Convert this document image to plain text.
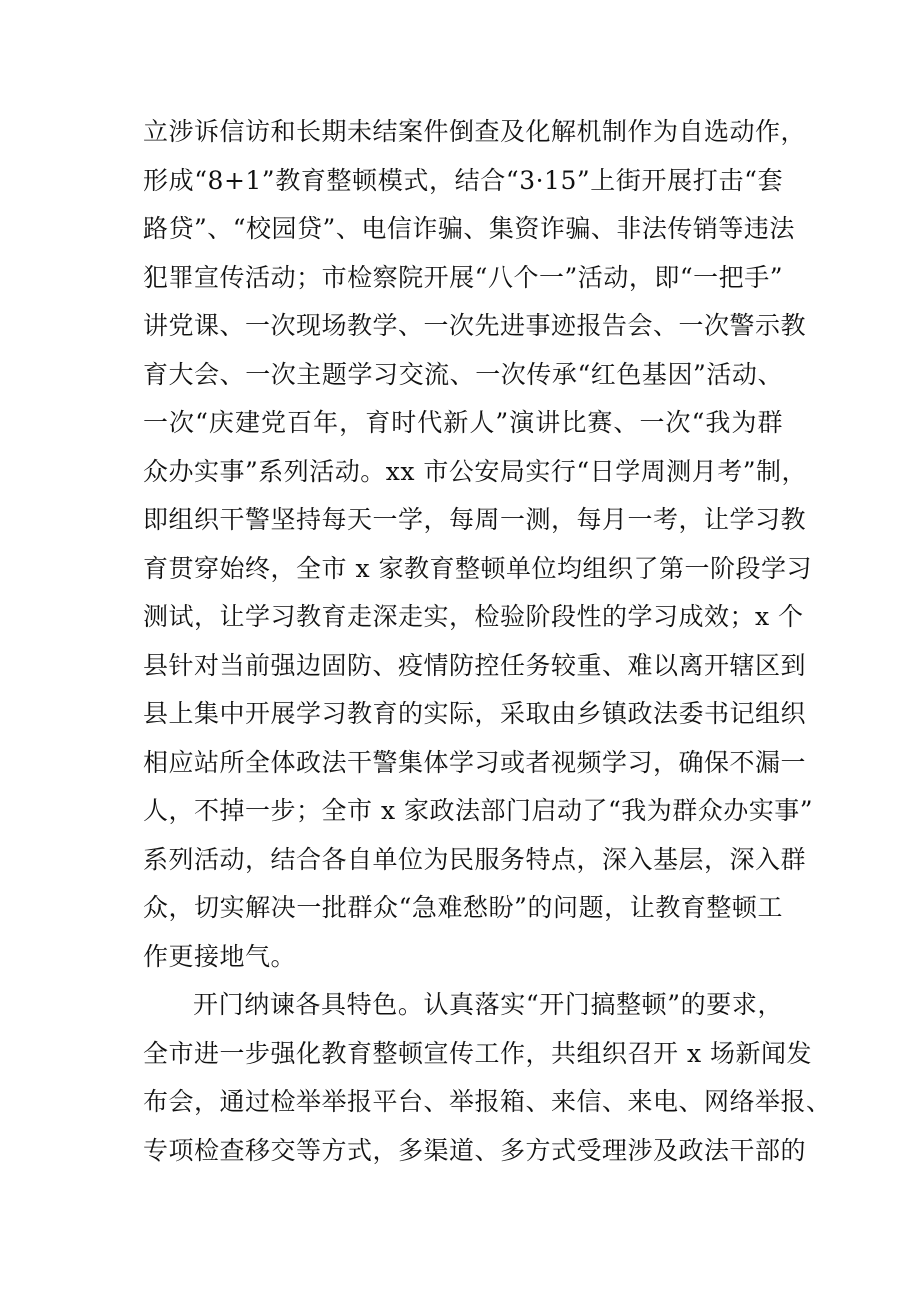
立涉诉信访和长期未结案件倒查及化解机制作为自选动作，
形成“8+1”教育整顿模式，结合“3·15”上街开展打击“套
路贷”、“校园贷”、电信诈骗、集资诈骗、非法传销等违法
犯罪宣传活动；市检察院开展“八个一”活动，即“一把手”
讲党课、一次现场教学、一次先进事迹报告会、一次警示教
育大会、一次主题学习交流、一次传承“红色基因”活动、
一次“庆建党百年，育时代新人”演讲比赛、一次“我为群
众办实事”系列活动。xx 市公安局实行“日学周测月考”制，
即组织干警坚持每天一学，每周一测，每月一考，让学习教
育贯穿始终，全市 x 家教育整顿单位均组织了第一阶段学习
测试，让学习教育走深走实，检验阶段性的学习成效；x 个
县针对当前强边固防、疫情防控任务较重、难以离开辖区到
县上集中开展学习教育的实际，采取由乡镇政法委书记组织
相应站所全体政法干警集体学习或者视频学习，确保不漏一
人，不掉一步；全市 x 家政法部门启动了“我为群众办实事”
系列活动，结合各自单位为民服务特点，深入基层，深入群
众，切实解决一批群众“急难愁盼”的问题，让教育整顿工
作更接地气。
开门纳谏各具特色。认真落实“开门搞整顿”的要求，
全市进一步强化教育整顿宣传工作，共组织召开 x 场新闻发
布会，通过检举举报平台、举报箱、来信、来电、网络举报、
专项检查移交等方式，多渠道、多方式受理涉及政法干部的
